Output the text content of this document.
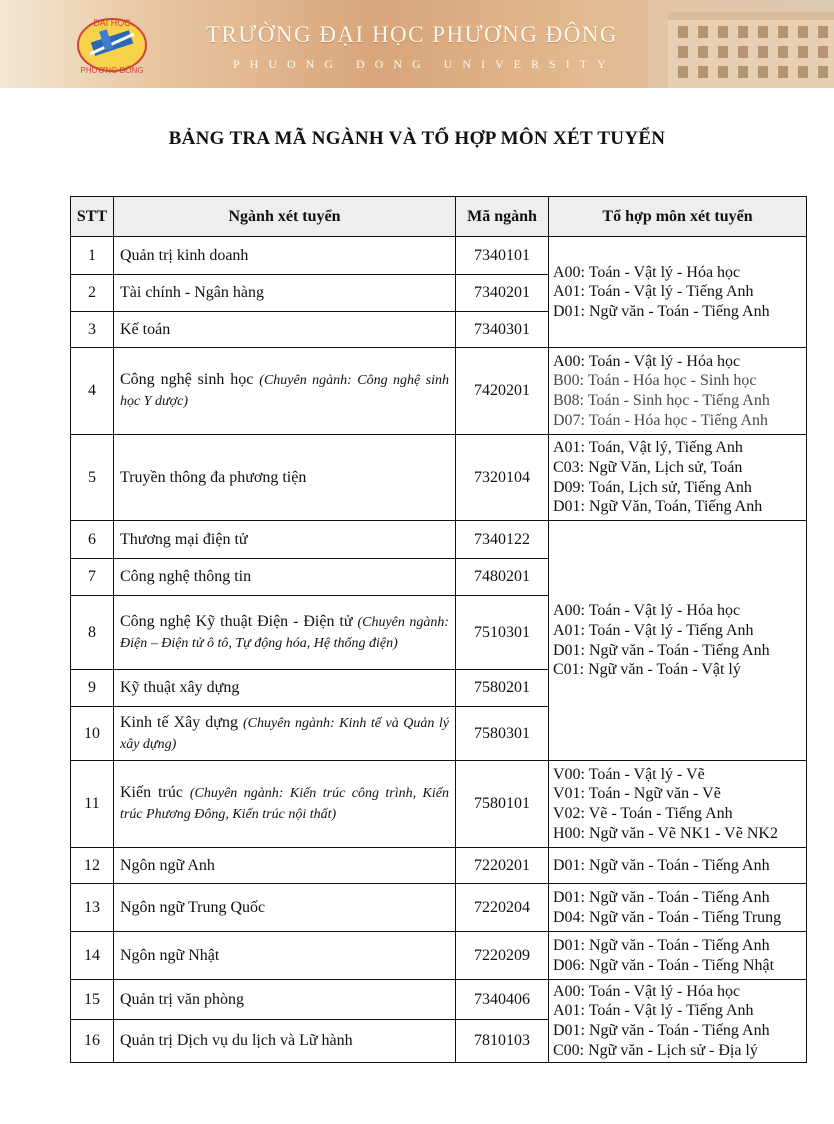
ĐẠI HỌC
PHƯƠNG ĐÔNG
TRƯỜNG ĐẠI HỌC PHƯƠNG ĐÔNG
PHUONG DONG UNIVERSITY
BẢNG TRA MÃ NGÀNH VÀ TỔ HỢP MÔN XÉT TUYỂN
STT	Ngành xét tuyển	Mã ngành	Tổ hợp môn xét tuyển
1	Quản trị kinh doanh	7340101	A00: Toán - Vật lý - Hóa học
A01: Toán - Vật lý - Tiếng Anh
D01: Ngữ văn - Toán - Tiếng Anh

2	Tài chính - Ngân hàng	7340201	
3	Kế toán	7340301	
4	Công nghệ sinh học (Chuyên ngành: Công nghệ sinh học Y dược)	7420201	A00: Toán - Vật lý - Hóa học
B00: Toán - Hóa học - Sinh học
B08: Toán - Sinh học - Tiếng Anh
D07: Toán - Hóa học - Tiếng Anh

5	Truyền thông đa phương tiện	7320104	A01: Toán, Vật lý, Tiếng Anh
C03: Ngữ Văn, Lịch sử, Toán
D09: Toán, Lịch sử, Tiếng Anh
D01: Ngữ Văn, Toán, Tiếng Anh

6	Thương mại điện tử	7340122	A00: Toán - Vật lý - Hóa học
A01: Toán - Vật lý - Tiếng Anh
D01: Ngữ văn - Toán - Tiếng Anh
C01: Ngữ văn - Toán - Vật lý

7	Công nghệ thông tin	7480201	
8	Công nghệ Kỹ thuật Điện - Điện tử (Chuyên ngành: Điện – Điện tử ô tô, Tự động hóa, Hệ thống điện)	7510301	
9	Kỹ thuật xây dựng	7580201	
10	Kinh tế Xây dựng (Chuyên ngành: Kinh tế và Quản lý xây dựng)	7580301	
11	Kiến trúc (Chuyên ngành: Kiến trúc công trình, Kiến trúc Phương Đông, Kiến trúc nội thất)	7580101	V00: Toán - Vật lý - Vẽ
V01: Toán - Ngữ văn - Vẽ
V02: Vẽ - Toán - Tiếng Anh
H00: Ngữ văn - Vẽ NK1 - Vẽ NK2

12	Ngôn ngữ Anh	7220201	D01: Ngữ văn - Toán - Tiếng Anh

13	Ngôn ngữ Trung Quốc	7220204	D01: Ngữ văn - Toán - Tiếng Anh
D04: Ngữ văn - Toán - Tiếng Trung

14	Ngôn ngữ Nhật	7220209	D01: Ngữ văn - Toán - Tiếng Anh
D06: Ngữ văn - Toán - Tiếng Nhật

15	Quản trị văn phòng	7340406	A00: Toán - Vật lý - Hóa học
A01: Toán - Vật lý - Tiếng Anh
D01: Ngữ văn - Toán - Tiếng Anh
C00: Ngữ văn - Lịch sử - Địa lý

16	Quản trị Dịch vụ du lịch và Lữ hành	7810103	
